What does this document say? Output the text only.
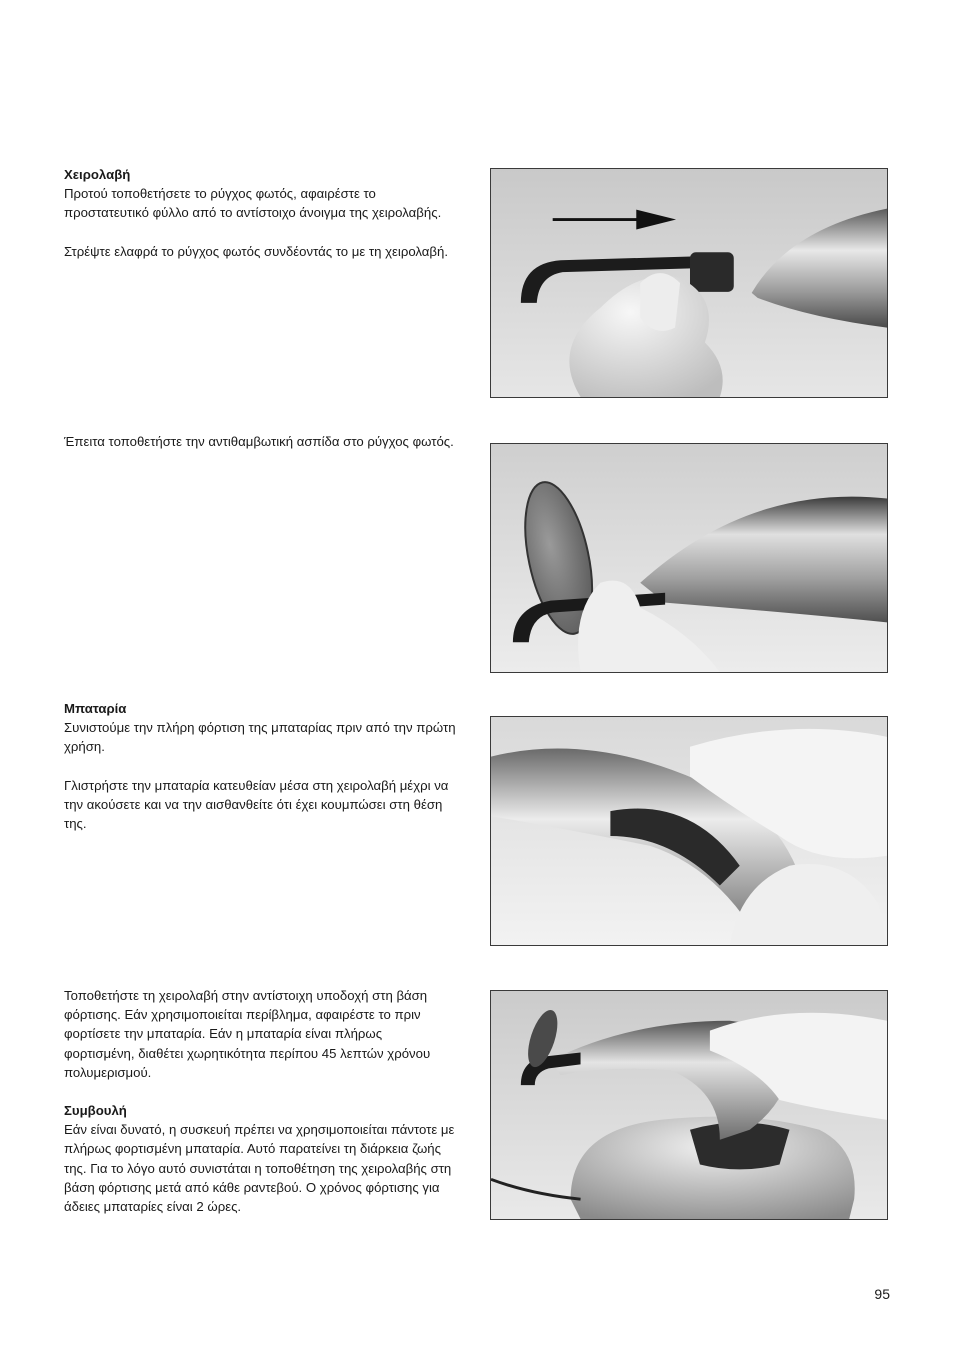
Χειρολαβή

Προτού τοποθετήσετε το ρύγχος φωτός, αφαιρέστε το προστατευτικό φύλλο από το αντίστοιχο άνοιγμα της χειρολαβής.

Στρέψτε ελαφρά το ρύγχος φωτός συνδέοντάς το με τη χειρολαβή.

Έπειτα τοποθετήστε την αντιθαμβωτική ασπίδα στο ρύγχος φωτός.

Μπαταρία

Συνιστούμε την πλήρη φόρτιση της μπαταρίας πριν από την πρώτη χρήση.

Γλιστρήστε την μπαταρία κατευθείαν μέσα στη χειρολαβή μέχρι να την ακούσετε και να την αισθανθείτε ότι έχει κουμπώσει στη θέση της.

Τοποθετήστε τη χειρολαβή στην αντίστοιχη υποδοχή στη βάση φόρτισης. Εάν χρησιμοποιείται περίβλημα, αφαιρέστε το πριν φορτίσετε την μπαταρία. Εάν η μπαταρία είναι πλήρως φορτισμένη, διαθέτει χωρητικότητα περίπου 45 λεπτών χρόνου πολυμερισμού.

Συμβουλή

Εάν είναι δυνατό, η συσκευή πρέπει να χρησιμοποιείται πάντοτε με πλήρως φορτισμένη μπαταρία. Αυτό παρατείνει τη διάρκεια ζωής της. Για το λόγο αυτό συνιστάται η τοποθέτηση της χειρολαβής στη βάση φόρτισης μετά από κάθε ραντεβού. Ο χρόνος φόρτισης για άδειες μπαταρίες είναι 2 ώρες.

95
